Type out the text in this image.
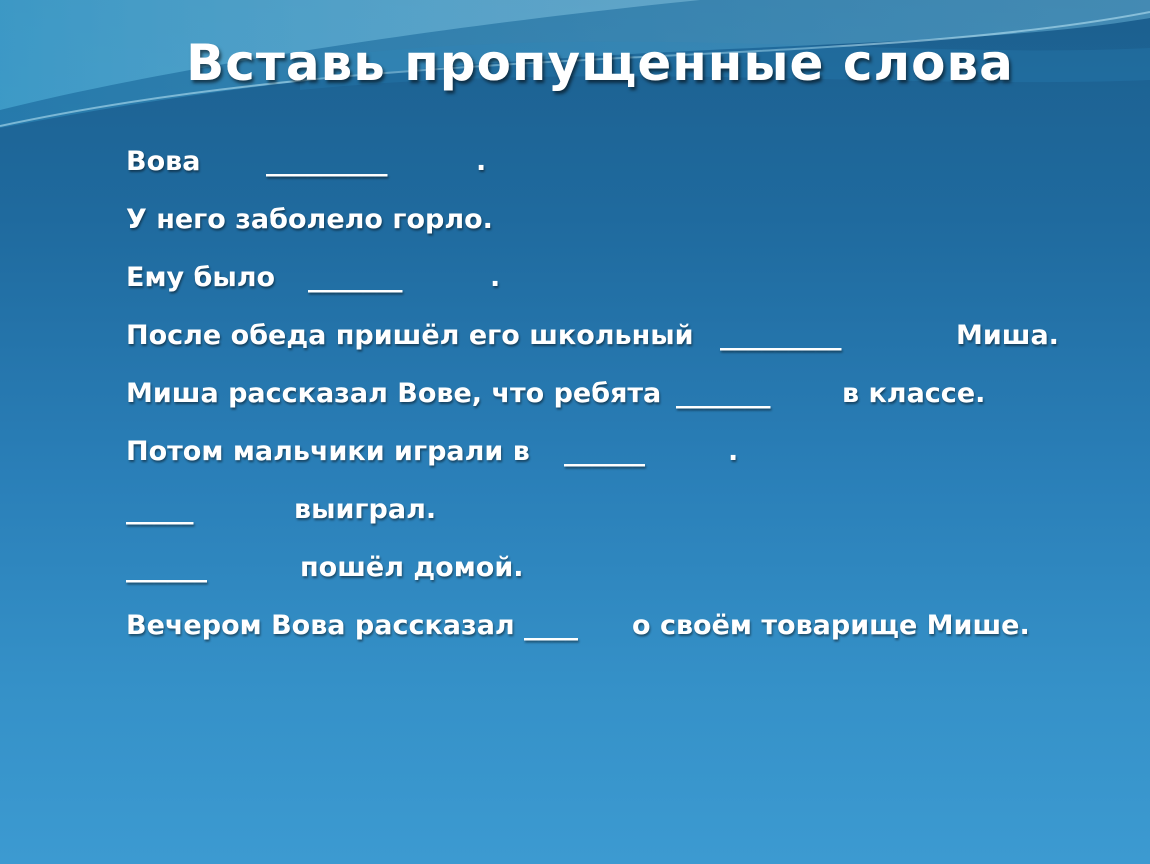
Вставь пропущенные слова

Вова

_________

	.

У него заболело горло.

Ему было

_______

	.

После обеда пришёл его школьный

_________

	Миша.

Миша рассказал Вове, что ребята

_______

	в классе.

Потом мальчики играли в

______

	.

_____

	выиграл.

______

	пошёл домой.

Вечером Вова рассказал

____

о своём товарище Мише.
